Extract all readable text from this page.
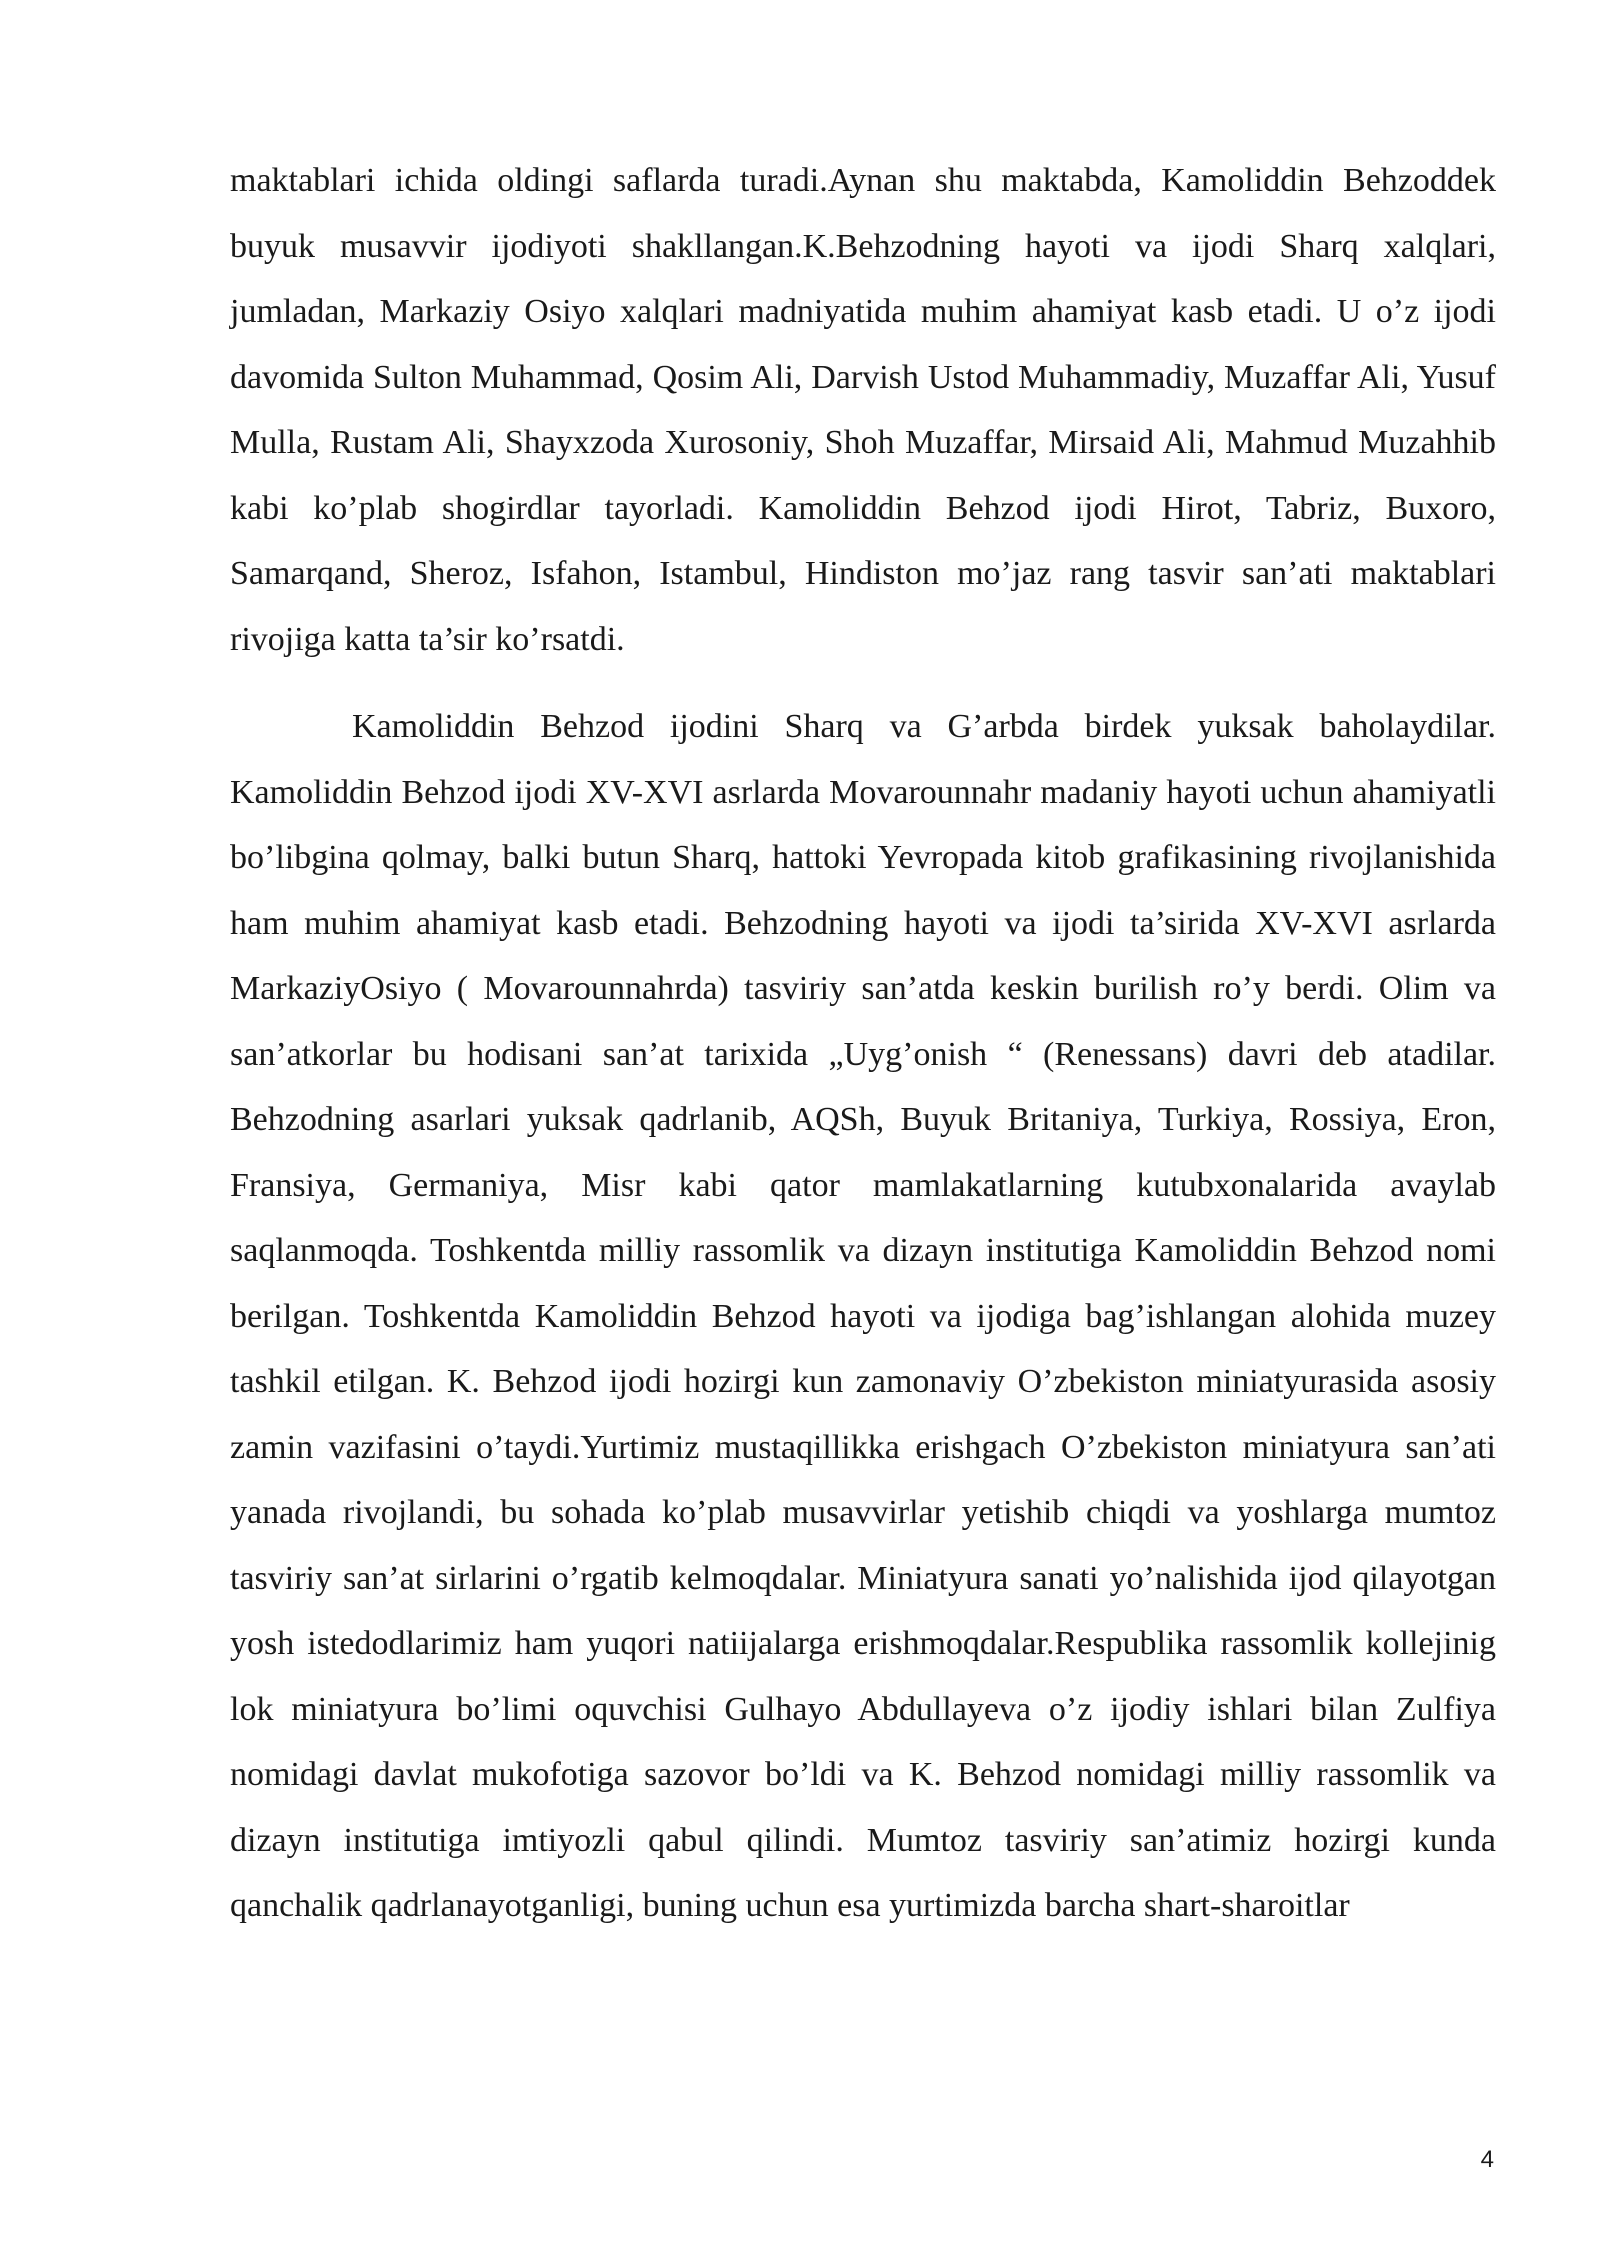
maktablari ichida oldingi saflarda turadi.Aynan shu maktabda, Kamoliddin Behzoddek buyuk musavvir ijodiyoti shakllangan.K.Behzodning hayoti va ijodi Sharq xalqlari, jumladan, Markaziy Osiyo xalqlari madniyatida muhim ahamiyat kasb etadi. U o’z ijodi davomida Sulton Muhammad, Qosim Ali, Darvish Ustod Muhammadiy, Muzaffar Ali, Yusuf Mulla, Rustam Ali, Shayxzoda Xurosoniy, Shoh Muzaffar, Mirsaid Ali, Mahmud Muzahhib kabi ko’plab shogirdlar tayorladi. Kamoliddin Behzod ijodi Hirot, Tabriz, Buxoro, Samarqand, Sheroz, Isfahon, Istambul, Hindiston mo’jaz rang tasvir san’ati maktablari rivojiga katta ta’sir ko’rsatdi.

Kamoliddin Behzod ijodini Sharq va G’arbda birdek yuksak baholaydilar. Kamoliddin Behzod ijodi XV-XVI asrlarda Movarounnahr madaniy hayoti uchun ahamiyatli bo’libgina qolmay, balki butun Sharq, hattoki Yevropada kitob grafikasining rivojlanishida ham muhim ahamiyat kasb etadi. Behzodning hayoti va ijodi ta’sirida XV-XVI asrlarda MarkaziyOsiyo ( Movarounnahrda) tasviriy san’atda keskin burilish ro’y berdi. Olim va san’atkorlar bu hodisani san’at tarixida „Uyg’onish “ (Renessans) davri deb atadilar. Behzodning asarlari yuksak qadrlanib, AQSh, Buyuk Britaniya, Turkiya, Rossiya, Eron, Fransiya, Germaniya, Misr kabi qator mamlakatlarning kutubxonalarida avaylab saqlanmoqda. Toshkentda milliy rassomlik va dizayn institutiga Kamoliddin Behzod nomi berilgan. Toshkentda Kamoliddin Behzod hayoti va ijodiga bag’ishlangan alohida muzey tashkil etilgan. K. Behzod ijodi hozirgi kun zamonaviy O’zbekiston miniatyurasida asosiy zamin vazifasini o’taydi.Yurtimiz mustaqillikka erishgach O’zbekiston miniatyura san’ati yanada rivojlandi, bu sohada ko’plab musavvirlar yetishib chiqdi va yoshlarga mumtoz tasviriy san’at sirlarini o’rgatib kelmoqdalar. Miniatyura sanati yo’nalishida ijod qilayotgan yosh istedodlarimiz ham yuqori natiijalarga erishmoqdalar.Respublika rassomlik kollejinig lok miniatyura bo’limi oquvchisi Gulhayo Abdullayeva o’z ijodiy ishlari bilan Zulfiya nomidagi davlat mukofotiga sazovor bo’ldi va K. Behzod nomidagi milliy rassomlik va dizayn institutiga imtiyozli qabul qilindi. Mumtoz tasviriy san’atimiz hozirgi kunda qanchalik qadrlanayotganligi, buning uchun esa yurtimizda barcha shart-sharoitlar

4
